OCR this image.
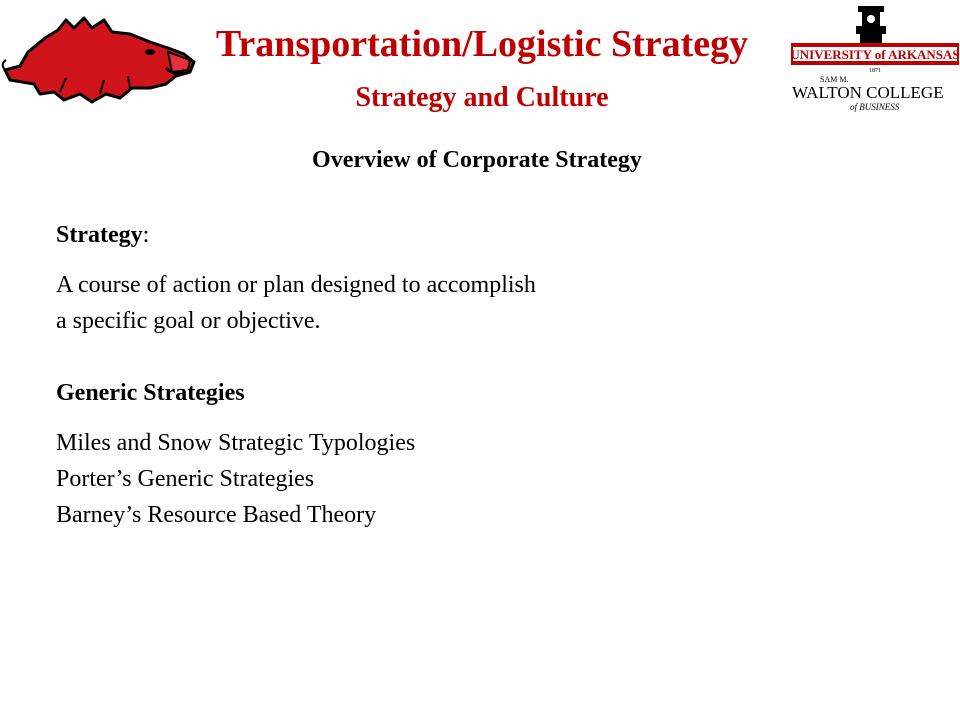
Transportation/Logistic Strategy
Strategy and Culture
UNIVERSITY of ARKANSAS
1871
SAM M.
WALTON COLLEGE
of BUSINESS
Overview of Corporate Strategy
Strategy:
A course of action or plan designed to accomplish
a specific goal or objective.
Generic Strategies
Miles and Snow Strategic Typologies
Porter’s Generic Strategies
Barney’s Resource Based Theory
